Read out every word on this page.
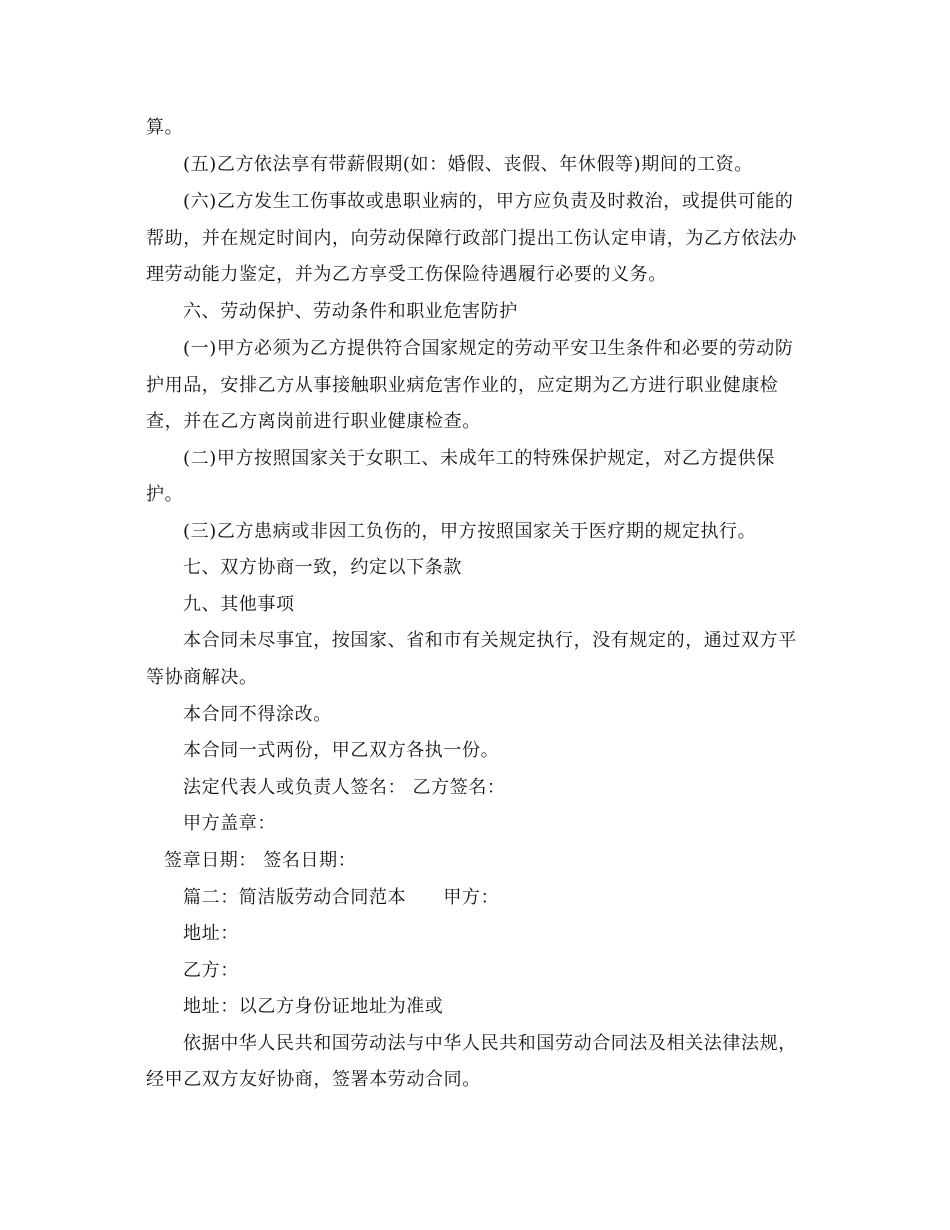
算。
(五)乙方依法享有带薪假期(如：婚假、丧假、年休假等)期间的工资。
(六)乙方发生工伤事故或患职业病的，甲方应负责及时救治，或提供可能的
帮助，并在规定时间内，向劳动保障行政部门提出工伤认定申请，为乙方依法办
理劳动能力鉴定，并为乙方享受工伤保险待遇履行必要的义务。
六、劳动保护、劳动条件和职业危害防护
(一)甲方必须为乙方提供符合国家规定的劳动平安卫生条件和必要的劳动防
护用品，安排乙方从事接触职业病危害作业的，应定期为乙方进行职业健康检
查，并在乙方离岗前进行职业健康检查。
(二)甲方按照国家关于女职工、未成年工的特殊保护规定，对乙方提供保
护。
(三)乙方患病或非因工负伤的，甲方按照国家关于医疗期的规定执行。
七、双方协商一致，约定以下条款
九、其他事项
本合同未尽事宜，按国家、省和市有关规定执行，没有规定的，通过双方平
等协商解决。
本合同不得涂改。
本合同一式两份，甲乙双方各执一份。
法定代表人或负责人签名： 乙方签名：
甲方盖章：
签章日期： 签名日期：
篇二：简洁版劳动合同范本　　甲方：
地址：
乙方：
地址：以乙方身份证地址为准或
依据中华人民共和国劳动法与中华人民共和国劳动合同法及相关法律法规，
经甲乙双方友好协商，签署本劳动合同。
